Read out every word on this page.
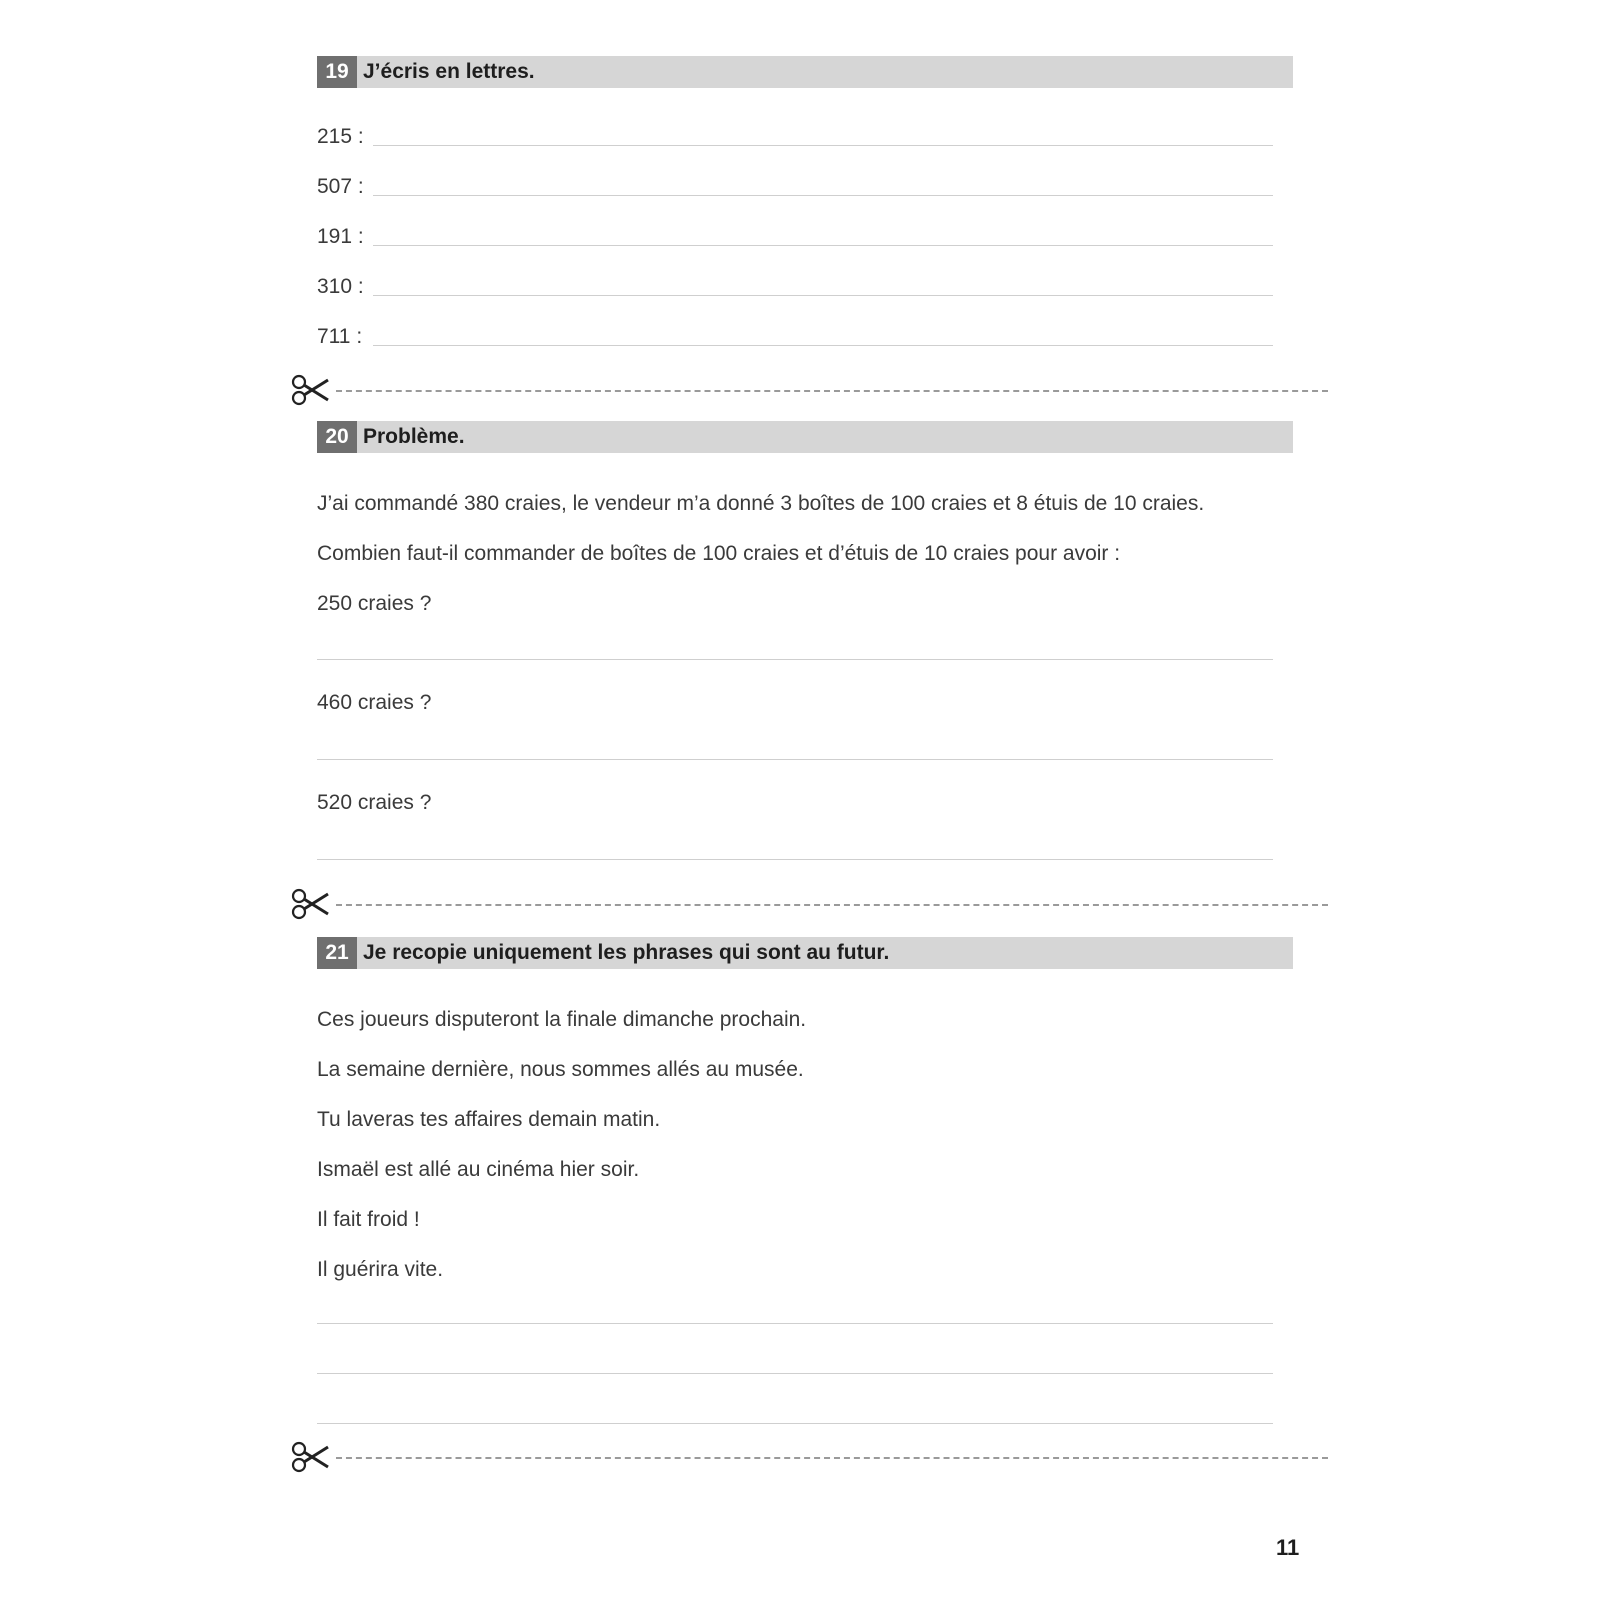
19 J’écris en lettres.
215 :
507 :
191 :
310 :
711 :
20 Problème.
J’ai commandé 380 craies, le vendeur m’a donné 3 boîtes de 100 craies et 8 étuis de 10 craies.
Combien faut-il commander de boîtes de 100 craies et d’étuis de 10 craies pour avoir :
250 craies ?
460 craies ?
520 craies ?
21 Je recopie uniquement les phrases qui sont au futur.
Ces joueurs disputeront la finale dimanche prochain.
La semaine dernière, nous sommes allés au musée.
Tu laveras tes affaires demain matin.
Ismaël est allé au cinéma hier soir.
Il fait froid !
Il guérira vite.
11
